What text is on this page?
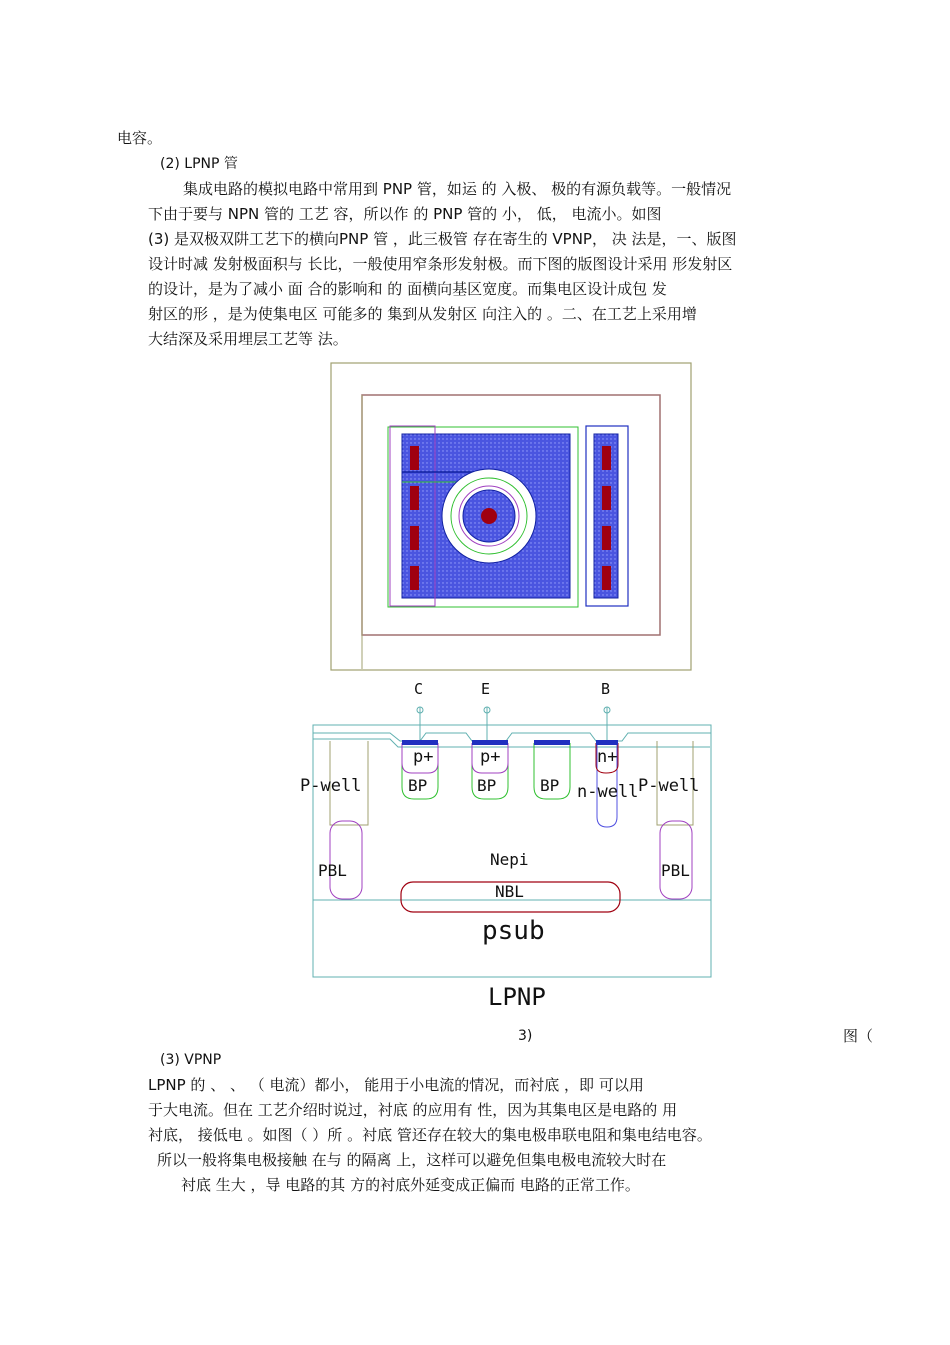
电容。
(2) LPNP 管
集成电路的模拟电路中常用到 PNP 管，如运 的 入极、 极的有源负载等。一般情况
下由于要与 NPN 管的 工艺 容，所以作 的 PNP 管的 小， 低， 电流小。如图
(3) 是双极双阱工艺下的横向PNP 管 ，此三极管 存在寄生的 VPNP， 决 法是，一、版图
设计时减 发射极面积与 长比，一般使用窄条形发射极。而下图的版图设计采用 形发射区
的设计，是为了减小 面 合的影响和 的 面横向基区宽度。而集电区设计成包 发
射区的形 ，是为使集电区 可能多的 集到从发射区 向注入的 。二、在工艺上采用增
大结深及采用埋层工艺等 法。
C	E	B
p+	p+	n+
P-well	P-well
BP	BP	BP n-well
PBL	PBL
Nepi
NBL
psub
LPNP
3)	图（
(3) VPNP
LPNP 的 、 、 （ 电流）都小， 能用于小电流的情况，而衬底 ，即 可以用
于大电流。但在 工艺介绍时说过，衬底 的应用有 性，因为其集电区是电路的 用
衬底， 接低电 。如图（ ）所 。衬底 管还存在较大的集电极串联电阻和集电结电容。
所以一般将集电极接触 在与 的隔离 上，这样可以避免但集电极电流较大时在
衬底 生大 ，导 电路的其 方的衬底外延变成正偏而 电路的正常工作。
